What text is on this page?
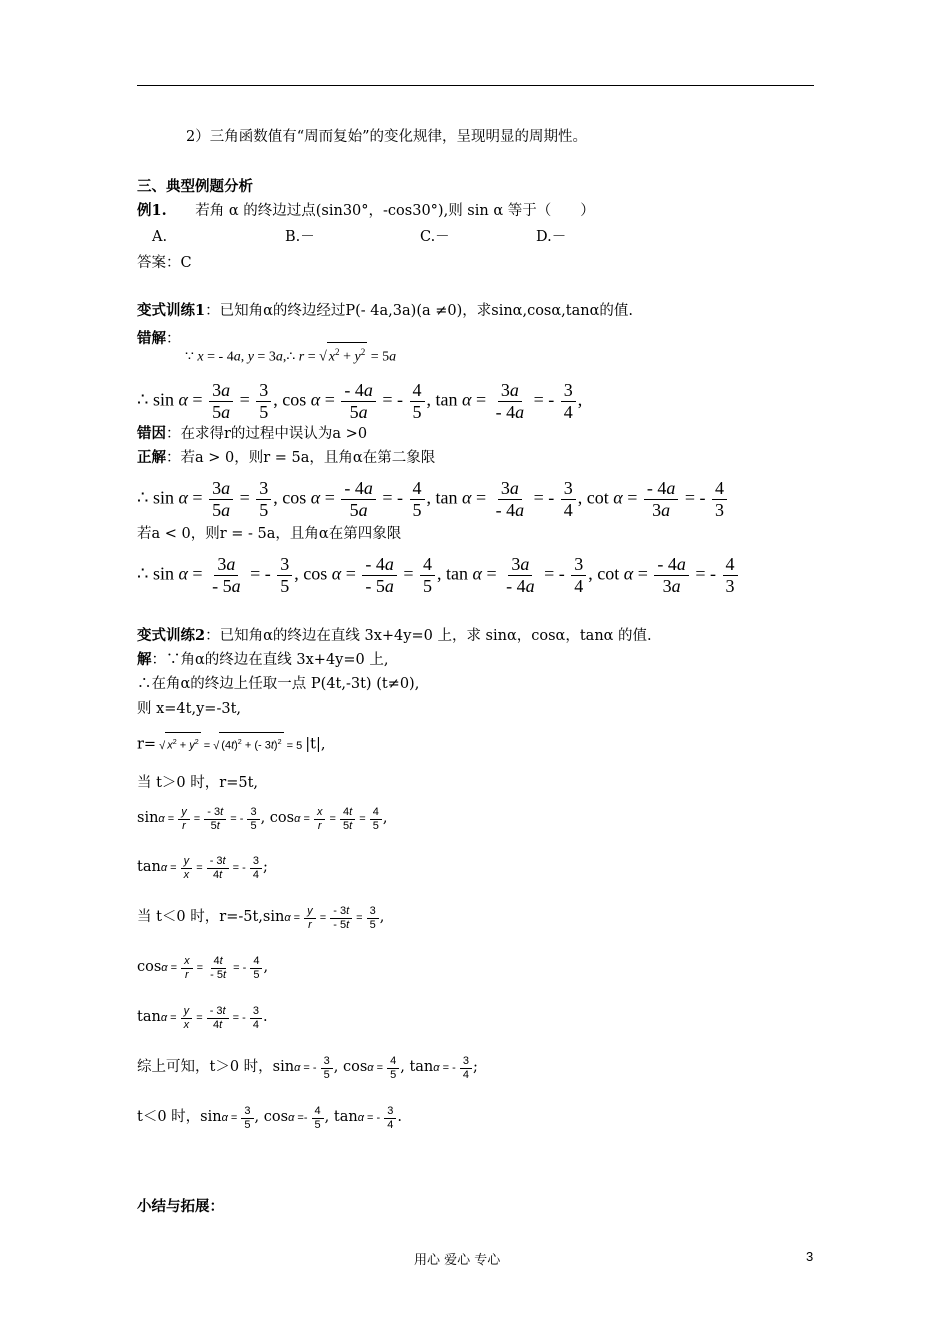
2）三角函数值有“周而复始”的变化规律，呈现明显的周期性。
三、典型例题分析
例1. 若角 α 的终边过点(sin30°，-cos30°),则 sin α 等于（　　）
A.	B.－	C.－	D.－
答案：C
变式训练1：已知角α的终边经过P(- 4a,3a)(a ≠0)，求sinα,cosα,tanα的值.
错解：
∵ x = - 4a, y = 3a,∴ r = √ $x^2 + y^2 = 5a$
∴ $\sin \alpha = \frac{3a}{5a} = \frac{3}{5}$ , $\cos \alpha = \frac{- 4a}{5a}$ = - $\frac{4}{5}$ , $\tan \alpha = \frac{3a}{- 4a}$ = - $\frac{3}{4}$ ,
错因：在求得r的过程中误认为a >0
正解：若a > 0，则r = 5a，且角α在第二象限
∴ $\sin \alpha = \frac{3a}{5a} = \frac{3}{5}$ , $\cos \alpha = \frac{- 4a}{5a}$ = - $\frac{4}{5}$ , $\tan \alpha = \frac{3a}{- 4a}$ = - $\frac{3}{4}$ , $\cot \alpha = \frac{- 4a}{3a}$ = - $\frac{4}{3}$
若a < 0，则r = - 5a，且角α在第四象限
∴ $\sin \alpha = \frac{3a}{- 5a}$ = - $\frac{3}{5}$ , $\cos \alpha = \frac{- 4a}{- 5a} = \frac{4}{5}$ , $\tan \alpha = \frac{3a}{- 4a}$ = - $\frac{3}{4}$ , $\cot \alpha = \frac{- 4a}{3a}$ = - $\frac{4}{3}$
变式训练2：已知角α的终边在直线 3x+4y=0 上，求 sinα，cosα，tanα 的值.
解：∵角α的终边在直线 3x+4y=0 上,
∴在角α的终边上任取一点 P(4t,-3t) (t≠0),
则 x=4t,y=-3t,
r= √ $x^2 + y^2$ = √ $(4t)^2$ + (- 3t)$^2$ = 5 |t|,
当 t＞0 时，r=5t,
$\sin\alpha = \frac{y}{r} = \frac{- 3t}{5t}$ = - $\frac{3}{5}$ , $\cos\alpha = \frac{x}{r} = \frac{4t}{5t} = \frac{4}{5}$ ,
$\tan\alpha = \frac{y}{x} = \frac{- 3t}{4t}$ = - $\frac{3}{4}$ ;
当 t＜0 时，$r=-5t,\sin\alpha = \frac{y}{r} = \frac{- 3t}{- 5t} = \frac{3}{5}$ ,
$\cos\alpha = \frac{x}{r} = \frac{4t}{- 5t}$ = - $\frac{4}{5}$ ,
$\tan\alpha = \frac{y}{x} = \frac{- 3t}{4t}$ = - $\frac{3}{4}$ .
综上可知，t＞0 时，sinα = - $\frac{3}{5}$ , $\cos\alpha = \frac{4}{5}$ , tanα = - $\frac{3}{4}$ ;
t＜0 时，$\sin\alpha = \frac{3}{5}$ , $\cos\alpha =- \frac{4}{5}$ , tanα = - $\frac{3}{4}$ .
小结与拓展：
用心 爱心 专心	3
